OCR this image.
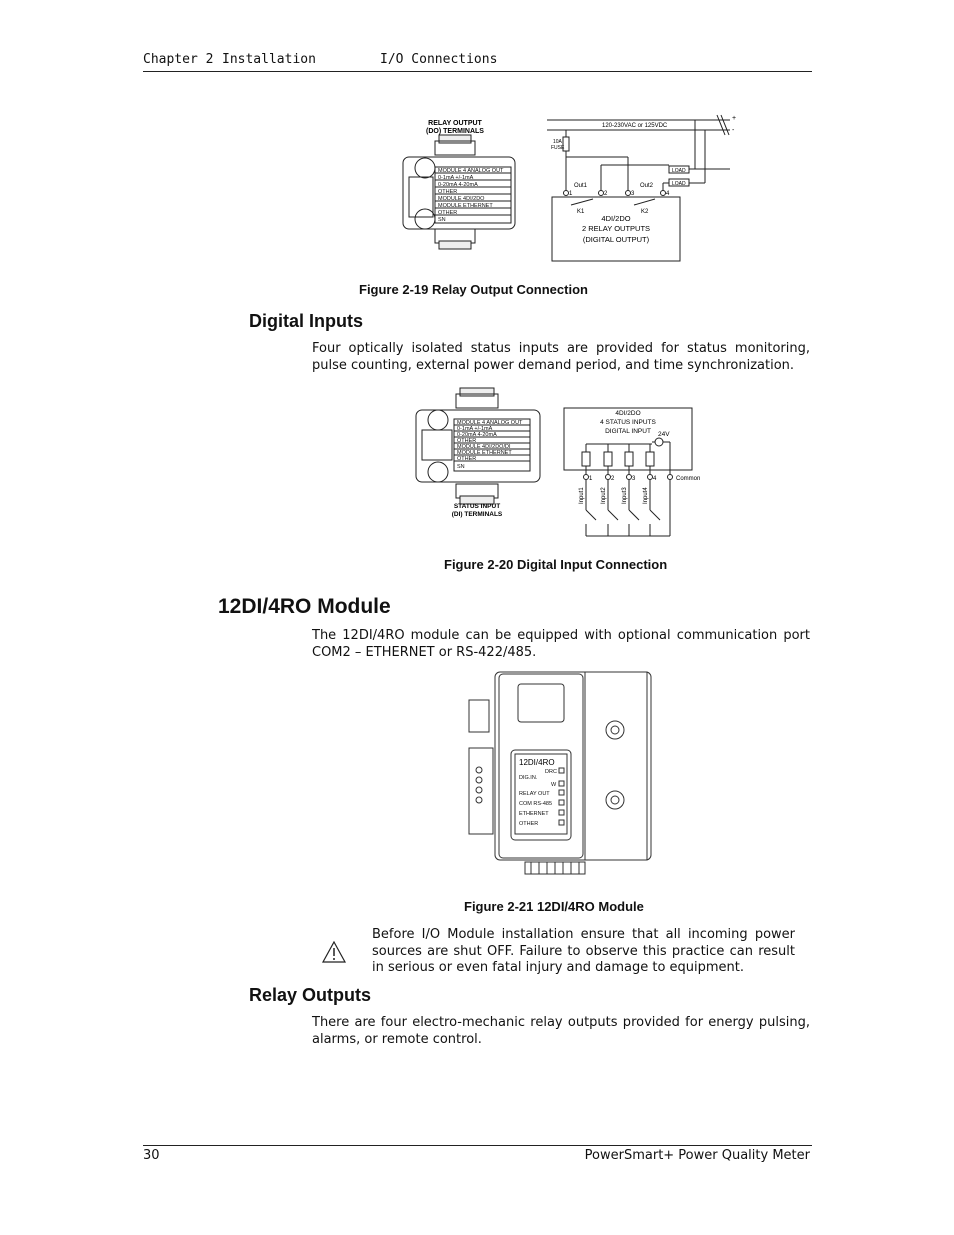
Chapter 2 Installation	I/O Connections
RELAY OUTPUT
(DO) TERMINALS
MODULE 4 ANALOG OUT
0-1mA +/-1mA
0-20mA 4-20mA
OTHER
MODULE 4DI/2DO
MODULE ETHERNET
OTHER
SN
120-230VAC or 125VDC
10A
FUSE
+
-
LOAD
LOAD
Out1	Out2
1	2	3	4
K1	K2
4DI/2DO
2 RELAY OUTPUTS
(DIGITAL OUTPUT)
Figure 2-19 Relay Output Connection
Digital Inputs
Four optically isolated status inputs are provided for status monitoring, pulse counting, external power demand period, and time synchronization.
MODULE 4 ANALOG OUT
0-1mA +/-1mA
0-20mA 4-20mA
OTHER
MODULE 4DI/2DO/DI
MODULE ETHERNET
OTHER
SN
STATUS INPUT
(DI) TERMINALS
4DI/2DO
4 STATUS INPUTS
DIGITAL INPUT 24V
Common
1	2	3	4
Input1	Input2	Input3	Input4
Figure 2-20 Digital Input Connection
12DI/4RO Module
The 12DI/4RO module can be equipped with optional communication port COM2 – ETHERNET or RS-422/485.
12DI/4RO
DRC
DIG.IN.
W
RELAY OUT
COM RS-485
ETHERNET
OTHER
Figure 2-21 12DI/4RO Module
Before I/O Module installation ensure that all incoming power sources are shut OFF. Failure to observe this practice can result in serious or even fatal injury and damage to equipment.
Relay Outputs
There are four electro-mechanic relay outputs provided for energy pulsing, alarms, or remote control.
30	PowerSmart+ Power Quality Meter
